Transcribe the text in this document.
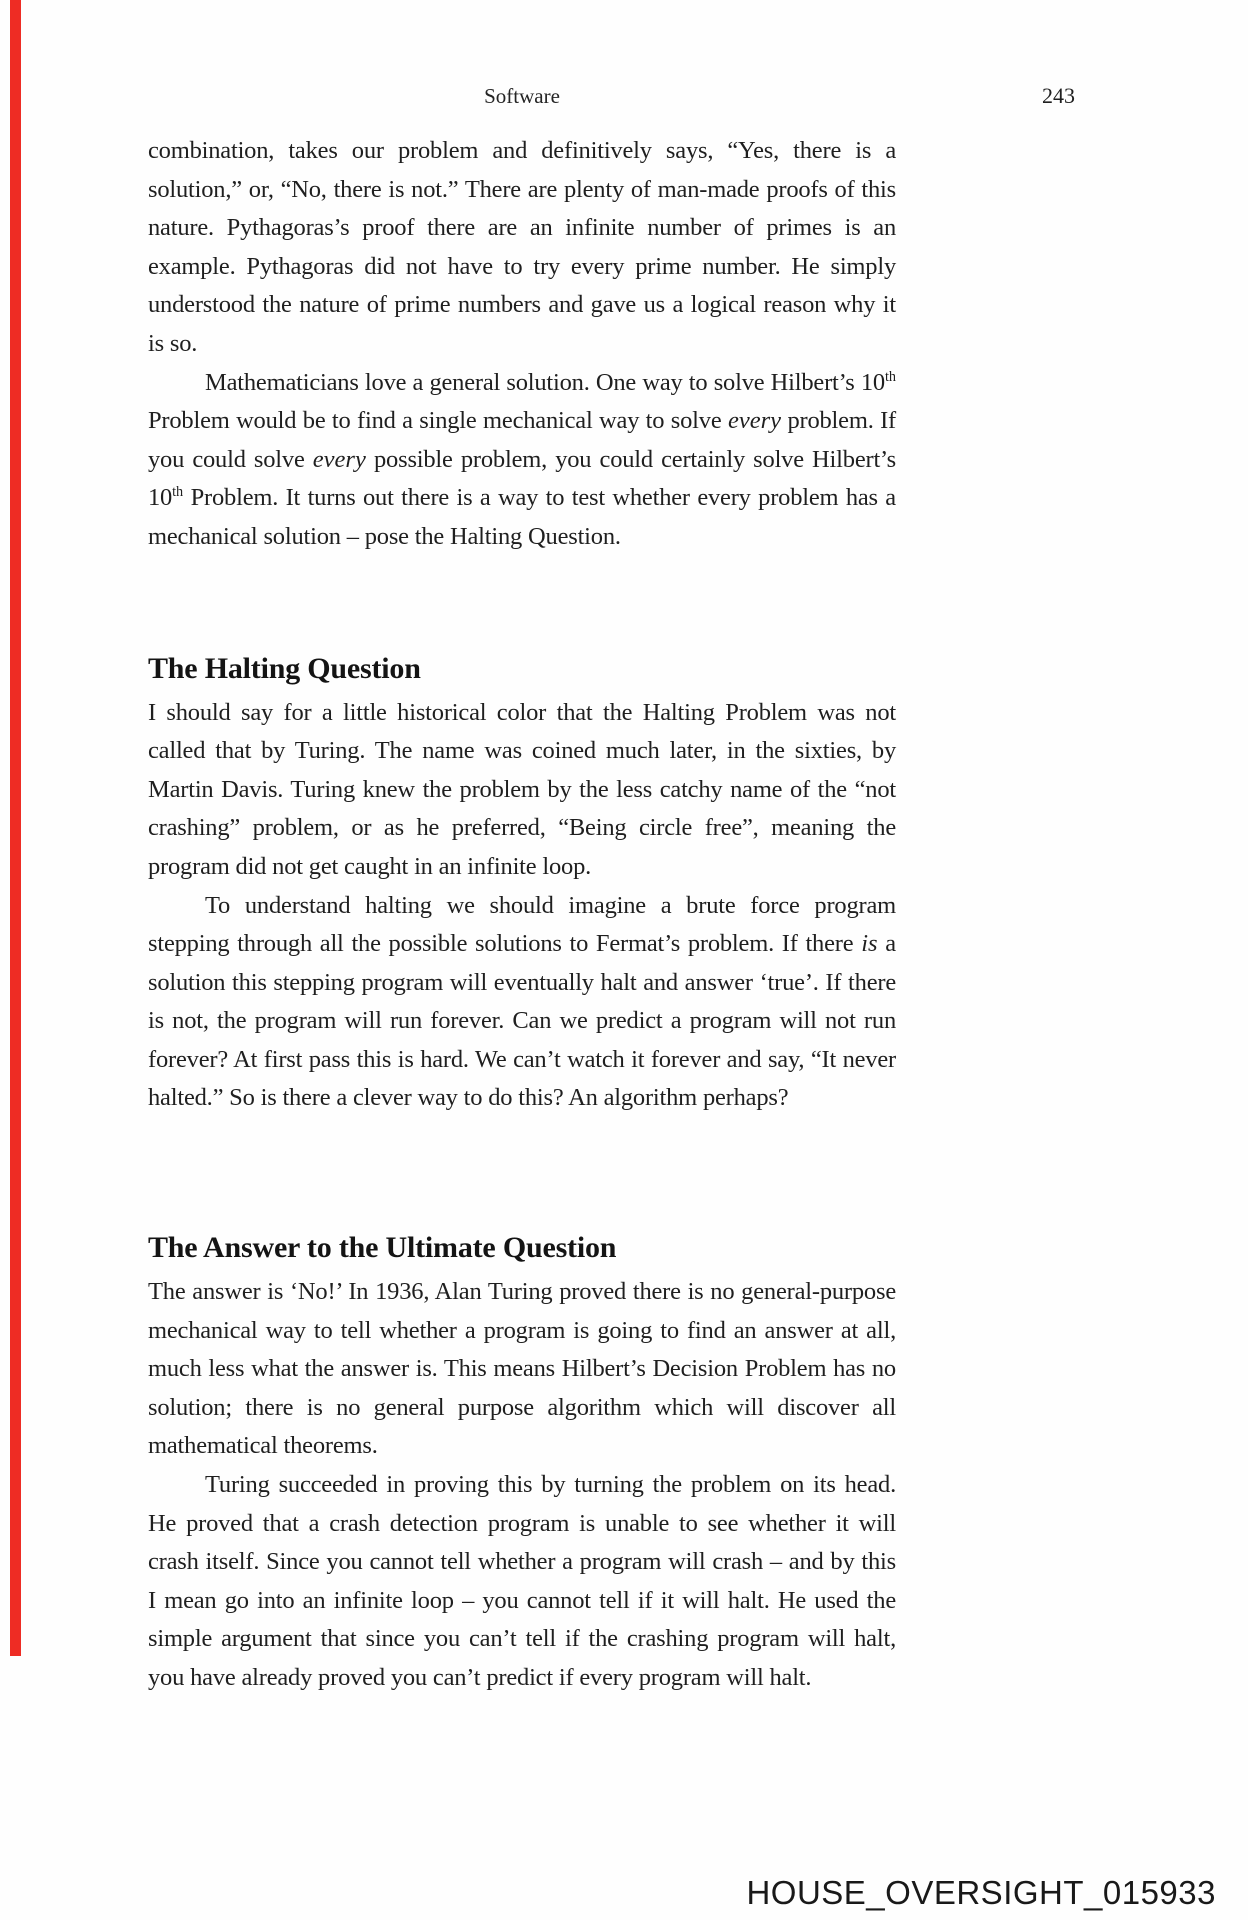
Software

combination, takes our problem and definitively says, “Yes, there is a solution,” or, “No, there is not.” There are plenty of man-made proofs of this nature. Pythagoras’s proof there are an infinite number of primes is an example. Pythagoras did not have to try every prime number. He simply understood the nature of prime numbers and gave us a logical reason why it is so.

Mathematicians love a general solution. One way to solve Hilbert’s 10th Problem would be to find a single mechanical way to solve every problem. If you could solve every possible problem, you could certainly solve Hilbert’s 10th Problem. It turns out there is a way to test whether every problem has a mechanical solution – pose the Halting Question.

The Halting Question

I should say for a little historical color that the Halting Problem was not called that by Turing. The name was coined much later, in the sixties, by Martin Davis. Turing knew the problem by the less catchy name of the “not crashing” problem, or as he preferred, “Being circle free”, meaning the program did not get caught in an infinite loop.

To understand halting we should imagine a brute force program stepping through all the possible solutions to Fermat’s problem. If there is a solution this stepping program will eventually halt and answer ‘true’. If there is not, the program will run forever. Can we predict a program will not run forever? At first pass this is hard. We can’t watch it forever and say, “It never halted.” So is there a clever way to do this? An algorithm perhaps?

The Answer to the Ultimate Question

The answer is ‘No!’ In 1936, Alan Turing proved there is no general-purpose mechanical way to tell whether a program is going to find an answer at all, much less what the answer is. This means Hilbert’s Decision Problem has no solution; there is no general purpose algorithm which will discover all mathematical theorems.

Turing succeeded in proving this by turning the problem on its head. He proved that a crash detection program is unable to see whether it will crash itself. Since you cannot tell whether a program will crash – and by this I mean go into an infinite loop – you cannot tell if it will halt. He used the simple argument that since you can’t tell if the crashing program will halt, you have already proved you can’t predict if every program will halt.

243
HOUSE_OVERSIGHT_015933
